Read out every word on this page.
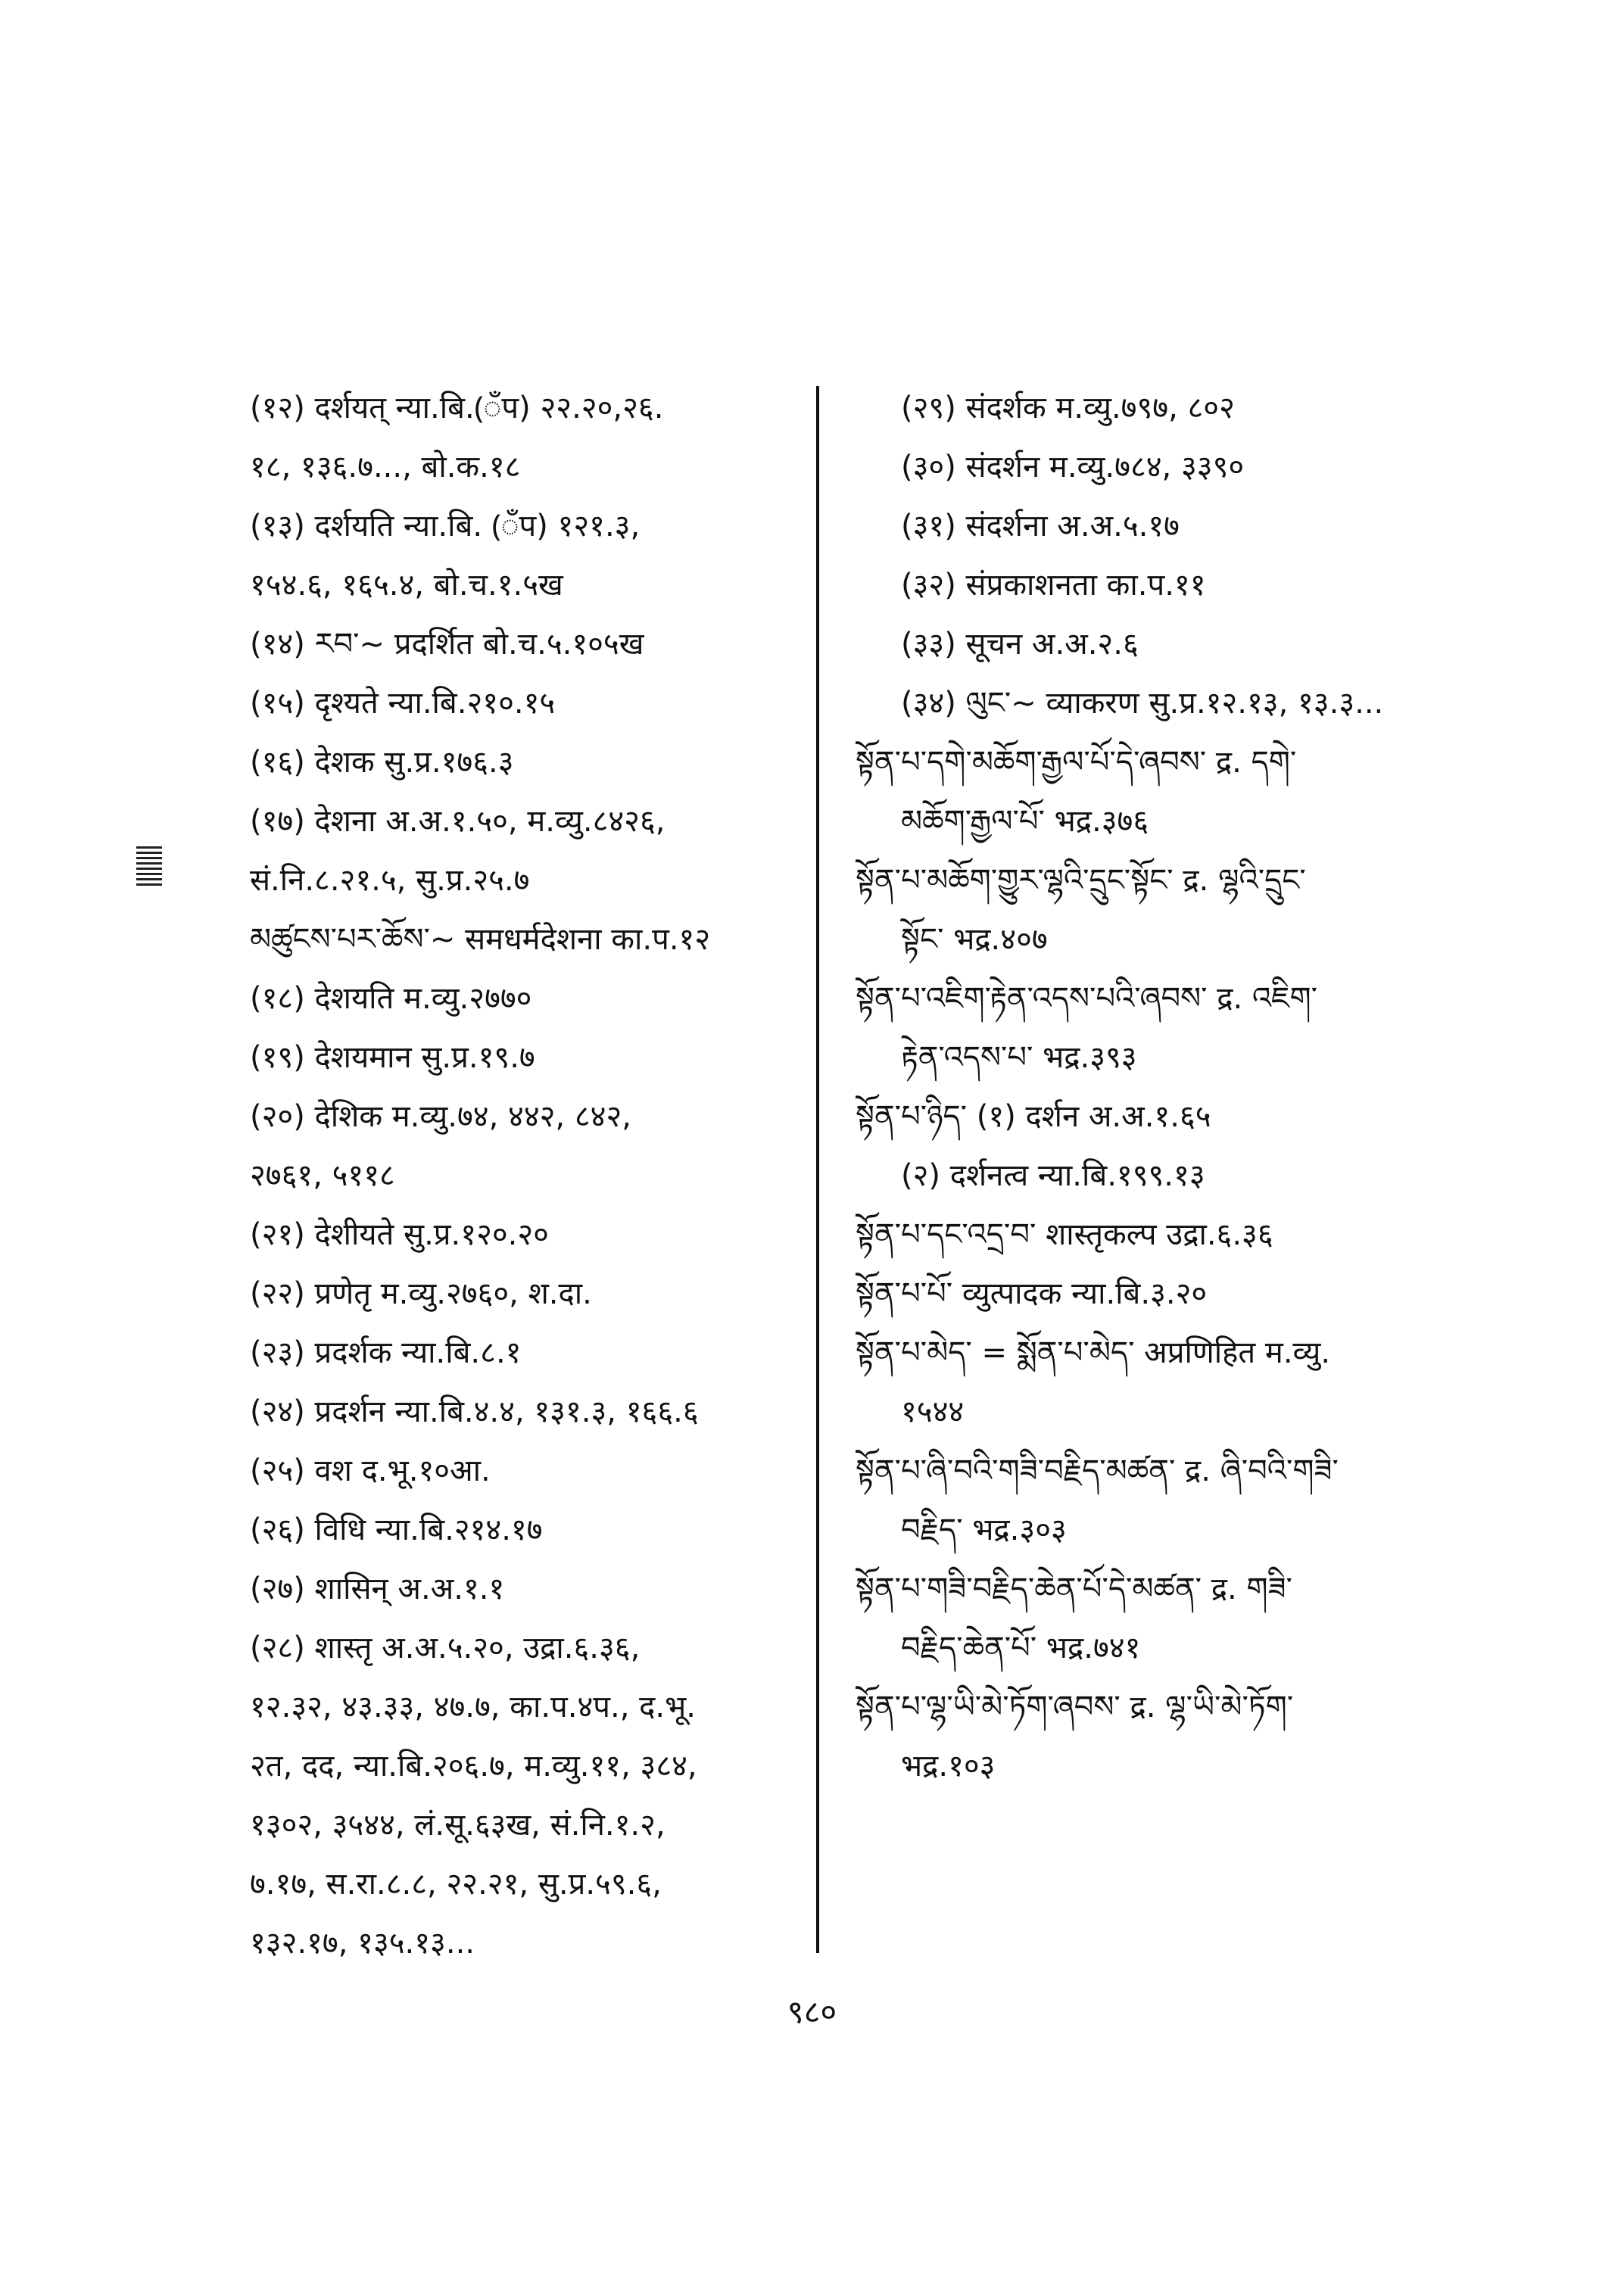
(१२) दर्शयत् न्या.बि.(ँप) २२.२०,२६.
१८, १३६.७..., बो.क.१८
(१३) दर्शयति न्या.बि. (ँप) १२१.३,
१५४.६, १६५.४, बो.च.१.५ख
(१४) རབ་~ प्रदर्शित बो.च.५.१०५ख
(१५) दृश्यते न्या.बि.२१०.१५
(१६) देशक सु.प्र.१७६.३
(१७) देशना अ.अ.१.५०, म.व्यु.८४२६,
सं.नि.८.२१.५, सु.प्र.२५.७
མཚུངས་པར་ཆོས་~ समधर्मदेशना का.प.१२
(१८) देशयति म.व्यु.२७७०
(१९) देशयमान सु.प्र.१९.७
(२०) देशिक म.व्यु.७४, ४४२, ८४२,
२७६१, ५११८
(२१) देशीयते सु.प्र.१२०.२०
(२२) प्रणेतृ म.व्यु.२७६०, श.दा.
(२३) प्रदर्शक न्या.बि.८.१
(२४) प्रदर्शन न्या.बि.४.४, १३१.३, १६६.६
(२५) वश द.भू.१०आ.
(२६) विधि न्या.बि.२१४.१७
(२७) शासिन् अ.अ.१.१
(२८) शास्तृ अ.अ.५.२०, उद्रा.६.३६,
१२.३२, ४३.३३, ४७.७, का.प.४प., द.भू.
२त, दद, न्या.बि.२०६.७, म.व्यु.११, ३८४,
१३०२, ३५४४, लं.सू.६३ख, सं.नि.१.२,
७.१७, स.रा.८.८, २२.२१, सु.प्र.५९.६,
१३२.१७, १३५.१३...
(२९) संदर्शक म.व्यु.७९७, ८०२
(३०) संदर्शन म.व्यु.७८४, ३३९०
(३१) संदर्शना अ.अ.५.१७
(३२) संप्रकाशनता का.प.११
(३३) सूचन अ.अ.२.६
(३४) ལུང་~ व्याकरण सु.प्र.१२.१३, १३.३...
སྟོན་པ་དགེ་མཆོག་རྒྱལ་པོ་དེ་ཞབས་ द्र. དགེ་
མཆོག་རྒྱལ་པོ་ भद्र.३७६
སྟོན་པ་མཆོག་གྱུར་ལྷའི་དྲུང་སྟོང་ द्र. ལྷའི་དྲུང་
སྟོང་ भद्र.४०७
སྟོན་པ་འཇིག་རྟེན་འདས་པའི་ཞབས་ द्र. འཇིག་
རྟེན་འདས་པ་ भद्र.३९३
སྟོན་པ་ཉིད་ (१) दर्शन अ.अ.१.६५
(२) दर्शनत्व न्या.बि.१९९.१३
སྟོན་པ་དང་འདྲ་བ་ शास्तृकल्प उद्रा.६.३६
སྟོན་པ་པོ་ व्युत्पादक न्या.बि.३.२०
སྟོན་པ་མེད་ = སྨོན་པ་མེད་ अप्रणिहित म.व्यु.
१५४४
སྟོན་པ་ཞི་བའི་གཟི་བརྗིད་མཚན་ द्र. ཞི་བའི་གཟི་
བརྗིད་ भद्र.३०३
སྟོན་པ་གཟི་བརྗིད་ཆེན་པོ་དེ་མཚན་ द्र. གཟི་
བརྗིད་ཆེན་པོ་ भद्र.७४१
སྟོན་པ་ལྷ་ཡི་མེ་ཏོག་ཞབས་ द्र. ལྷ་ཡི་མེ་ཏོག་
भद्र.१०३
९८०
